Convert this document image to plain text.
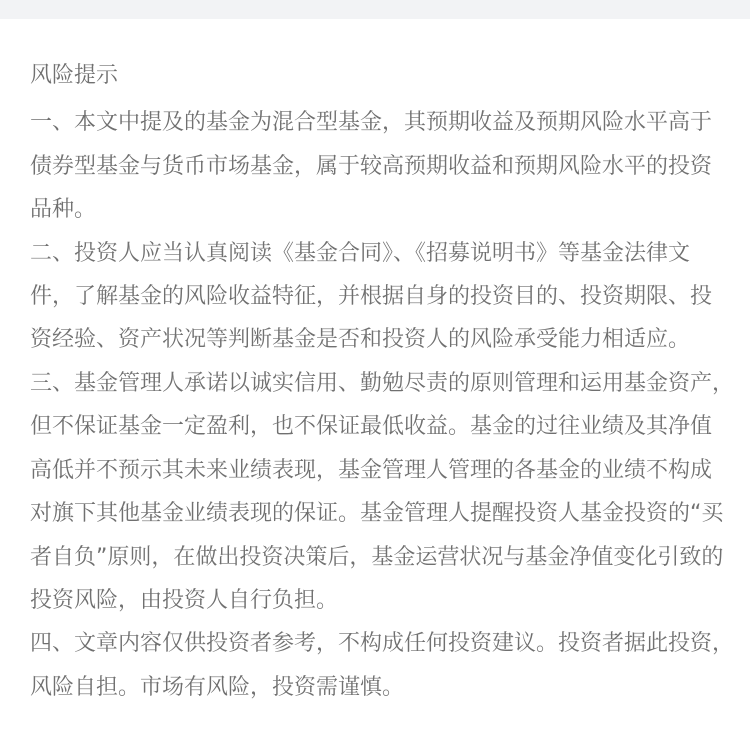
风险提示
一、本文中提及的基金为混合型基金，其预期收益及预期风险水平高于
债券型基金与货币市场基金，属于较高预期收益和预期风险水平的投资
品种。
二、投资人应当认真阅读《基金合同》、《招募说明书》等基金法律文
件，了解基金的风险收益特征，并根据自身的投资目的、投资期限、投
资经验、资产状况等判断基金是否和投资人的风险承受能力相适应。
三、基金管理人承诺以诚实信用、勤勉尽责的原则管理和运用基金资产，
但不保证基金一定盈利，也不保证最低收益。基金的过往业绩及其净值
高低并不预示其未来业绩表现，基金管理人管理的各基金的业绩不构成
对旗下其他基金业绩表现的保证。基金管理人提醒投资人基金投资的“买
者自负”原则，在做出投资决策后，基金运营状况与基金净值变化引致的
投资风险，由投资人自行负担。
四、文章内容仅供投资者参考，不构成任何投资建议。投资者据此投资，
风险自担。市场有风险，投资需谨慎。
